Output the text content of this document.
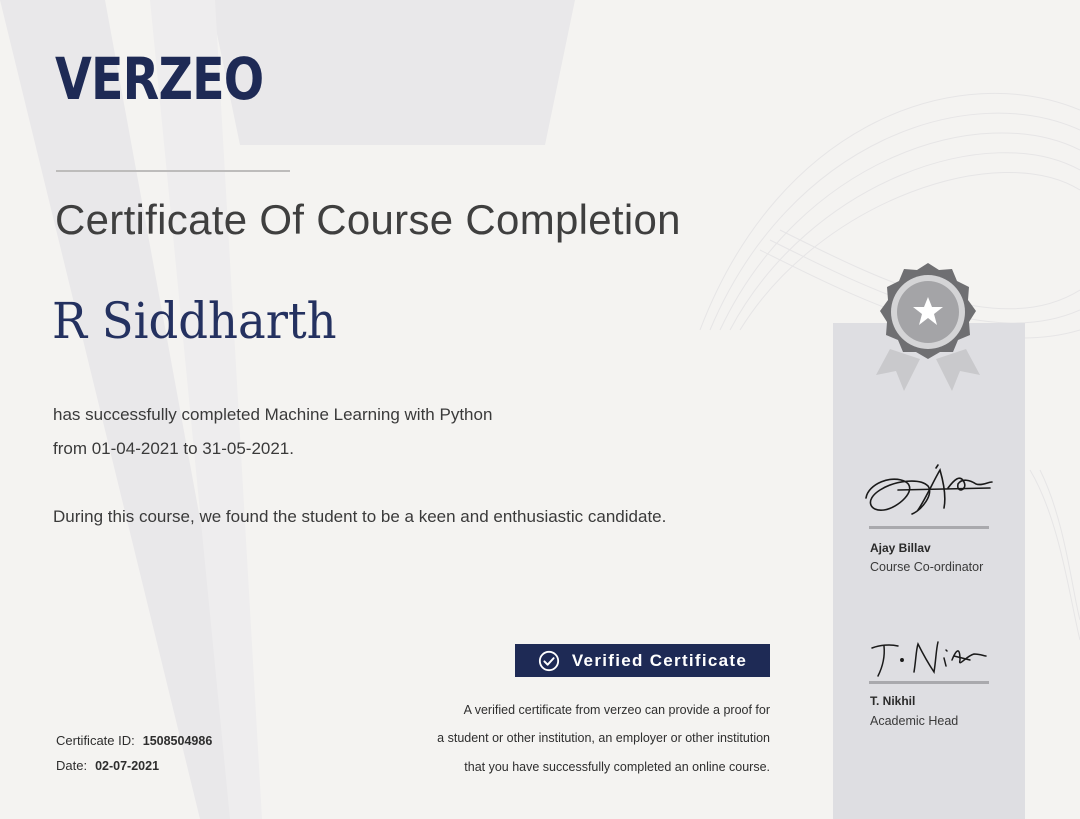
VERZEO
Certificate Of Course Completion
R Siddharth
has successfully completed Machine Learning with Python
from 01-04-2021 to 31-05-2021.
During this course, we found the student to be a keen and enthusiastic candidate.
Verified Certificate
A verified certificate from verzeo can provide a proof for
a student or other institution, an employer or other institution
that you have successfully completed an online course.
Certificate ID: 1508504986
Date: 02-07-2021
Ajay Billav
Course Co-ordinator
T. Nikhil
Academic Head
